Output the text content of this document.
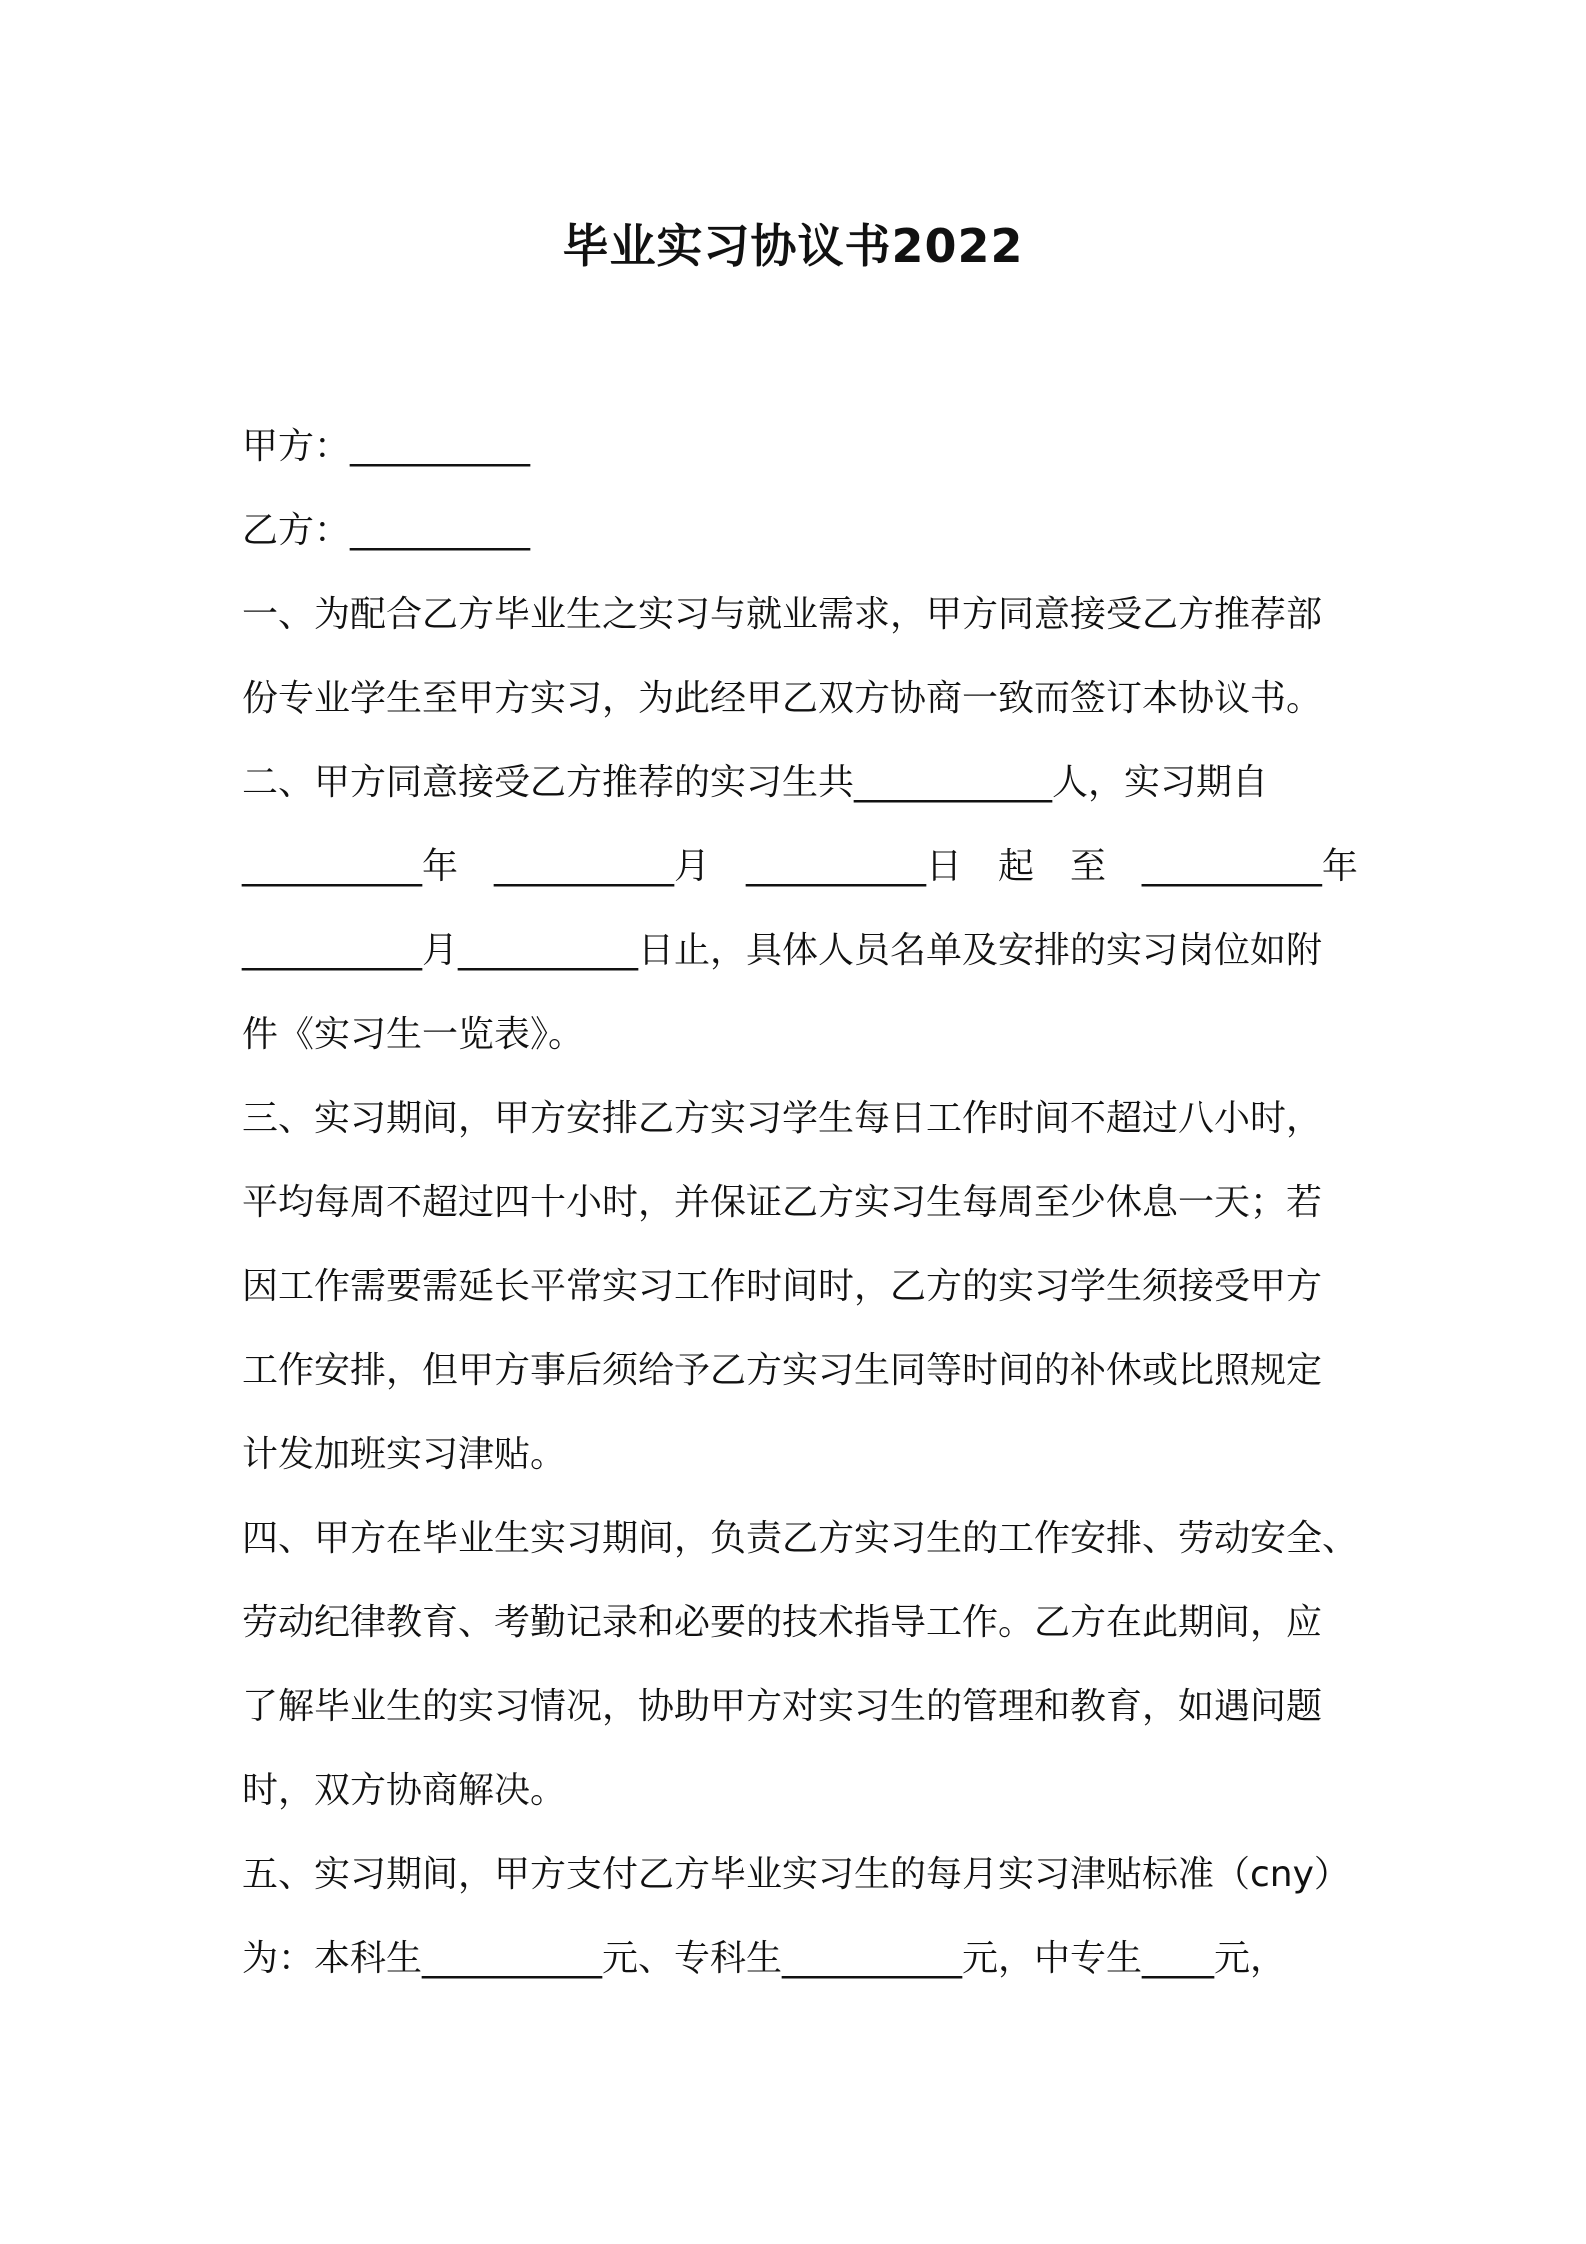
毕业实习协议书2022
甲方：__________
乙方：__________
一、为配合乙方毕业生之实习与就业需求，甲方同意接受乙方推荐部
份专业学生至甲方实习，为此经甲乙双方协商一致而签订本协议书。
二、甲方同意接受乙方推荐的实习生共___________人，实习期自
__________年 __________月 __________日 起 至 __________年
__________月__________日止，具体人员名单及安排的实习岗位如附
件《实习生一览表》。
三、实习期间，甲方安排乙方实习学生每日工作时间不超过八小时，
平均每周不超过四十小时，并保证乙方实习生每周至少休息一天；若
因工作需要需延长平常实习工作时间时，乙方的实习学生须接受甲方
工作安排，但甲方事后须给予乙方实习生同等时间的补休或比照规定
计发加班实习津贴。
四、甲方在毕业生实习期间，负责乙方实习生的工作安排、劳动安全、
劳动纪律教育、考勤记录和必要的技术指导工作。乙方在此期间，应
了解毕业生的实习情况，协助甲方对实习生的管理和教育，如遇问题
时，双方协商解决。
五、实习期间，甲方支付乙方毕业实习生的每月实习津贴标准（cny）
为：本科生__________元、专科生__________元，中专生____元，
